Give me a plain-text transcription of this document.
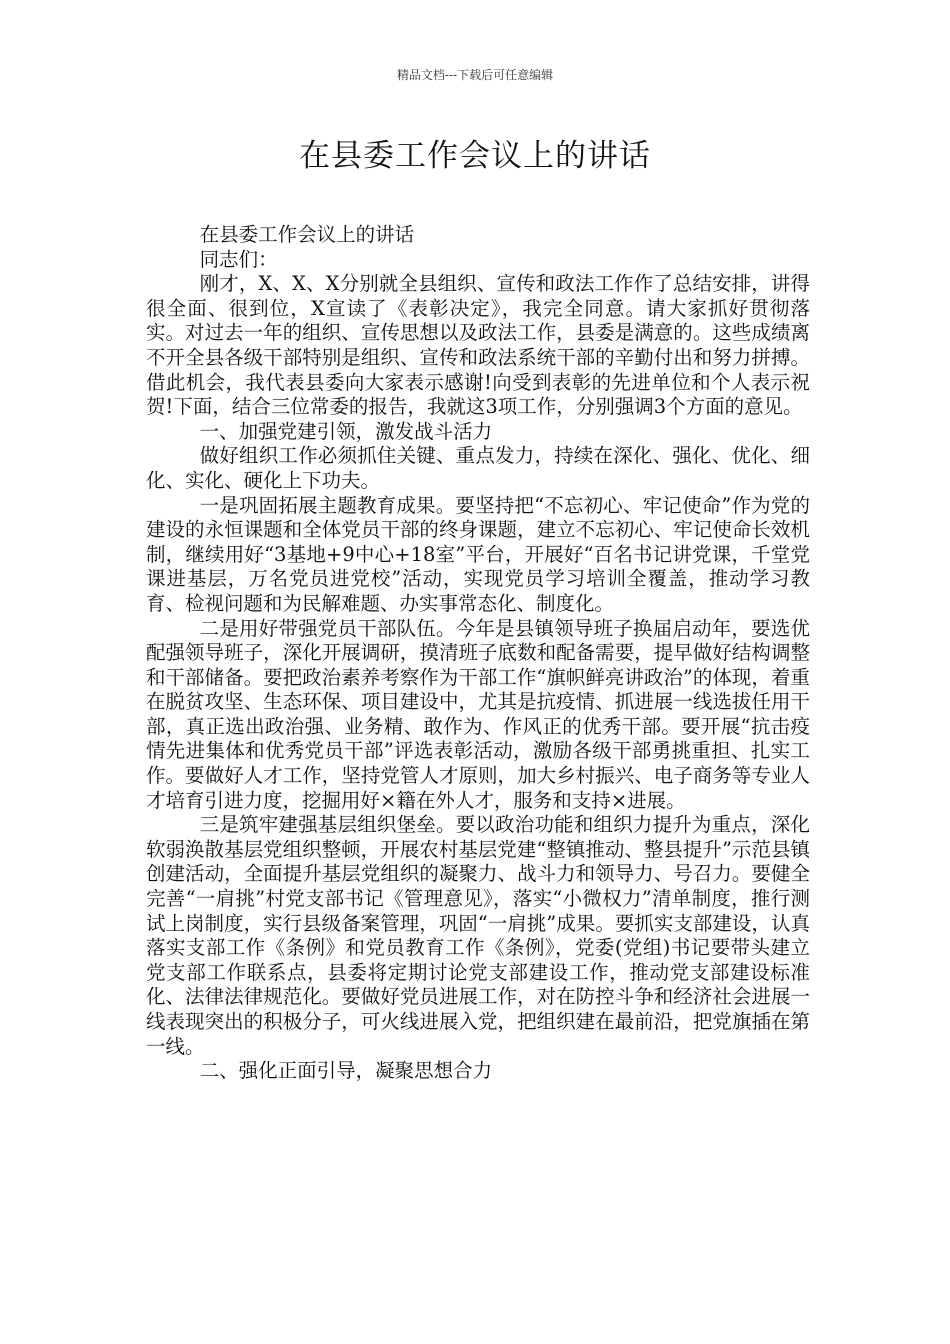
精品文档---下载后可任意编辑
在县委工作会议上的讲话

在县委工作会议上的讲话

同志们：

刚才，X、X、X分别就全县组织、宣传和政法工作作了总结安排，讲得很全面、很到位，X宣读了《表彰决定》，我完全同意。请大家抓好贯彻落实。对过去一年的组织、宣传思想以及政法工作，县委是满意的。这些成绩离不开全县各级干部特别是组织、宣传和政法系统干部的辛勤付出和努力拼搏。借此机会，我代表县委向大家表示感谢!向受到表彰的先进单位和个人表示祝贺!下面，结合三位常委的报告，我就这3项工作，分别强调3个方面的意见。

一、加强党建引领，激发战斗活力

做好组织工作必须抓住关键、重点发力，持续在深化、强化、优化、细化、实化、硬化上下功夫。

一是巩固拓展主题教育成果。要坚持把“不忘初心、牢记使命”作为党的建设的永恒课题和全体党员干部的终身课题，建立不忘初心、牢记使命长效机制，继续用好“3基地+9中心+18室”平台，开展好“百名书记讲党课，千堂党课进基层，万名党员进党校”活动，实现党员学习培训全覆盖，推动学习教育、检视问题和为民解难题、办实事常态化、制度化。

二是用好带强党员干部队伍。今年是县镇领导班子换届启动年，要选优配强领导班子，深化开展调研，摸清班子底数和配备需要，提早做好结构调整和干部储备。要把政治素养考察作为干部工作“旗帜鲜亮讲政治”的体现，着重在脱贫攻坚、生态环保、项目建设中，尤其是抗疫情、抓进展一线选拔任用干部，真正选出政治强、业务精、敢作为、作风正的优秀干部。要开展“抗击疫情先进集体和优秀党员干部”评选表彰活动，激励各级干部勇挑重担、扎实工作。要做好人才工作，坚持党管人才原则，加大乡村振兴、电子商务等专业人才培育引进力度，挖掘用好×籍在外人才，服务和支持×进展。

三是筑牢建强基层组织堡垒。要以政治功能和组织力提升为重点，深化软弱涣散基层党组织整顿，开展农村基层党建“整镇推动、整县提升”示范县镇创建活动，全面提升基层党组织的凝聚力、战斗力和领导力、号召力。要健全完善“一肩挑”村党支部书记《管理意见》，落实“小微权力”清单制度，推行测试上岗制度，实行县级备案管理，巩固“一肩挑”成果。要抓实支部建设，认真落实支部工作《条例》和党员教育工作《条例》，党委(党组)书记要带头建立党支部工作联系点，县委将定期讨论党支部建设工作，推动党支部建设标准化、法律法律规范化。要做好党员进展工作，对在防控斗争和经济社会进展一线表现突出的积极分子，可火线进展入党，把组织建在最前沿，把党旗插在第一线。

二、强化正面引导，凝聚思想合力
